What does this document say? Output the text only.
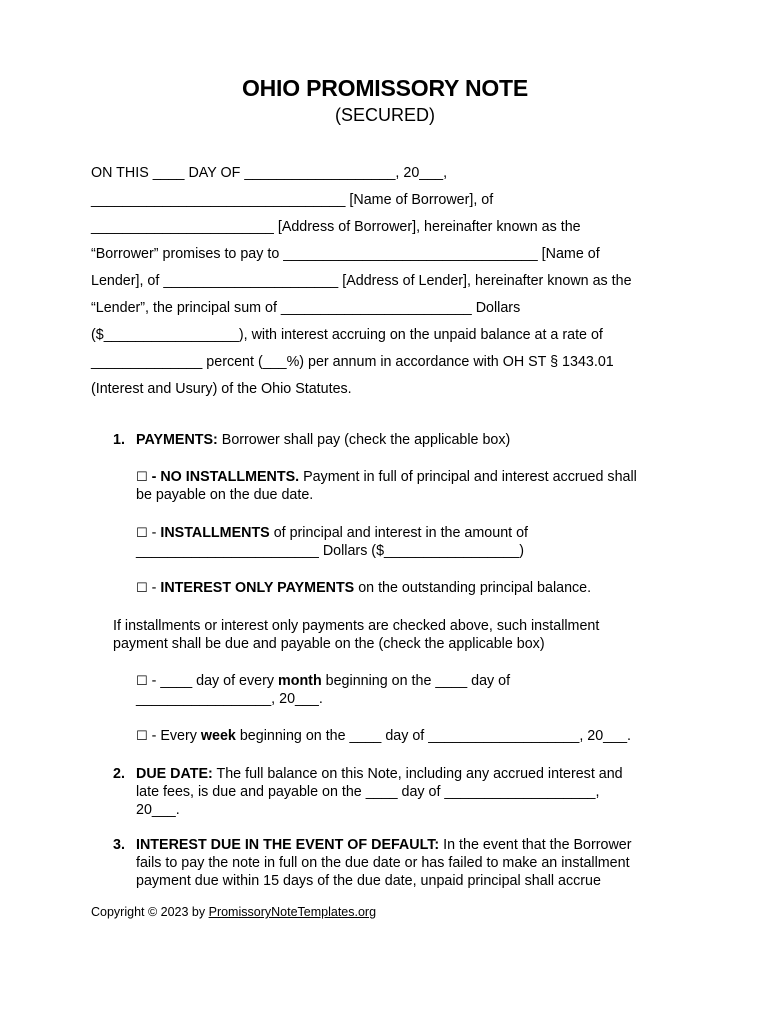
OHIO PROMISSORY NOTE
(SECURED)
ON THIS ____ DAY OF ___________________, 20___,
________________________________ [Name of Borrower], of
_______________________ [Address of Borrower], hereinafter known as the
“Borrower” promises to pay to ________________________________ [Name of
Lender], of ______________________ [Address of Lender], hereinafter known as the
“Lender”, the principal sum of ________________________ Dollars
($_________________), with interest accruing on the unpaid balance at a rate of
______________ percent (___%) per annum in accordance with OH ST § 1343.01
(Interest and Usury) of the Ohio Statutes.
1. PAYMENTS: Borrower shall pay (check the applicable box)
☐ - NO INSTALLMENTS. Payment in full of principal and interest accrued shall
be payable on the due date.
☐ - INSTALLMENTS of principal and interest in the amount of
_______________________ Dollars ($_________________)
☐ - INTEREST ONLY PAYMENTS on the outstanding principal balance.
If installments or interest only payments are checked above, such installment
payment shall be due and payable on the (check the applicable box)
☐ - ____ day of every month beginning on the ____ day of
_________________, 20___.
☐ - Every week beginning on the ____ day of ___________________, 20___.
2. DUE DATE: The full balance on this Note, including any accrued interest and
late fees, is due and payable on the ____ day of ___________________,
20___.
3. INTEREST DUE IN THE EVENT OF DEFAULT: In the event that the Borrower
fails to pay the note in full on the due date or has failed to make an installment
payment due within 15 days of the due date, unpaid principal shall accrue
Copyright © 2023 by PromissoryNoteTemplates.org
